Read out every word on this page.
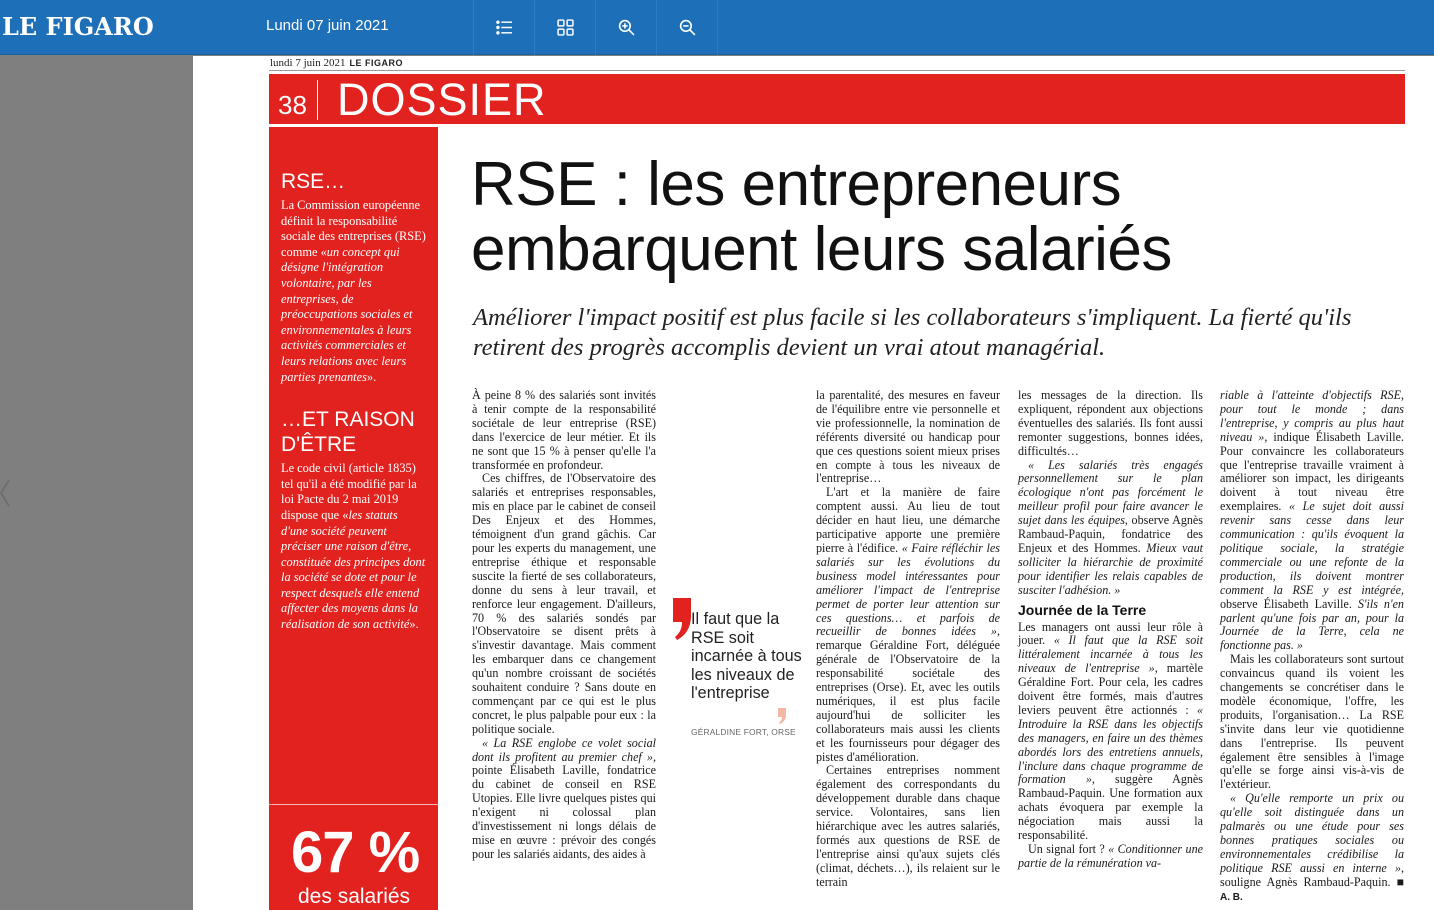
LE FIGARO	Lundi 07 juin 2021
lundi 7 juin 2021 LE FIGARO
38 DOSSIER
RSE…
La Commission européenne définit la responsabilité sociale des entreprises (RSE) comme «un concept qui désigne l'intégration volontaire, par les entreprises, de préoccupations sociales et environnementales à leurs activités commerciales et leurs relations avec leurs parties prenantes».
…ET RAISON D'ÊTRE
Le code civil (article 1835) tel qu'il a été modifié par la loi Pacte du 2 mai 2019 dispose que «les statuts d'une société peuvent préciser une raison d'être, constituée des principes dont la société se dote et pour le respect desquels elle entend affecter des moyens dans la réalisation de son activité».
67 %
des salariés
RSE : les entrepreneurs
embarquent leurs salariés
Améliorer l'impact positif est plus facile si les collaborateurs s'impliquent. La fierté qu'ils retirent des progrès accomplis devient un vrai atout managérial.

À peine 8 % des salariés sont invités à tenir compte de la responsabilité sociétale de leur entreprise (RSE) dans l'exercice de leur métier. Et ils ne sont que 15 % à penser qu'elle l'a transformée en profondeur.

Ces chiffres, de l'Observatoire des salariés et entreprises responsables, mis en place par le cabinet de conseil Des Enjeux et des Hommes, témoignent d'un grand gâchis. Car pour les experts du management, une entreprise éthique et responsable suscite la fierté de ses collaborateurs, donne du sens à leur travail, et renforce leur engagement. D'ailleurs, 70 % des salariés sondés par l'Observatoire se disent prêts à s'investir davantage. Mais comment les embarquer dans ce changement qu'un nombre croissant de sociétés souhaitent conduire ? Sans doute en commençant par ce qui est le plus concret, le plus palpable pour eux : la politique sociale.

« La RSE englobe ce volet social dont ils profitent au premier chef », pointe Élisabeth Laville, fondatrice du cabinet de conseil en RSE Utopies. Elle livre quelques pistes qui n'exigent ni colossal plan d'investissement ni longs délais de mise en œuvre : prévoir des congés pour les salariés aidants, des aides à

Il faut que la RSE soit incarnée à tous les niveaux de l'entreprise
GÉRALDINE FORT, ORSE

la parentalité, des mesures en faveur de l'équilibre entre vie personnelle et vie professionnelle, la nomination de référents diversité ou handicap pour que ces questions soient mieux prises en compte à tous les niveaux de l'entreprise…

L'art et la manière de faire comptent aussi. Au lieu de tout décider en haut lieu, une démarche participative apporte une première pierre à l'édifice. « Faire réfléchir les salariés sur les évolutions du business model intéressantes pour améliorer l'impact de l'entreprise permet de porter leur attention sur ces questions… et parfois de recueillir de bonnes idées », remarque Géraldine Fort, déléguée générale de l'Observatoire de la responsabilité sociétale des entreprises (Orse). Et, avec les outils numériques, il est plus facile aujourd'hui de solliciter les collaborateurs mais aussi les clients et les fournisseurs pour dégager des pistes d'amélioration.

Certaines entreprises nomment également des correspondants du développement durable dans chaque service. Volontaires, sans lien hiérarchique avec les autres salariés, formés aux questions de RSE de l'entreprise ainsi qu'aux sujets clés (climat, déchets…), ils relaient sur le terrain

les messages de la direction. Ils expliquent, répondent aux objections éventuelles des salariés. Ils font aussi remonter suggestions, bonnes idées, difficultés…

« Les salariés très engagés personnellement sur le plan écologique n'ont pas forcément le meilleur profil pour faire avancer le sujet dans les équipes, observe Agnès Rambaud-Paquin, fondatrice des Enjeux et des Hommes. Mieux vaut solliciter la hiérarchie de proximité pour identifier les relais capables de susciter l'adhésion. »

Journée de la Terre

Les managers ont aussi leur rôle à jouer. « Il faut que la RSE soit littéralement incarnée à tous les niveaux de l'entreprise », martèle Géraldine Fort. Pour cela, les cadres doivent être formés, mais d'autres leviers peuvent être actionnés : « Introduire la RSE dans les objectifs des managers, en faire un des thèmes abordés lors des entretiens annuels, l'inclure dans chaque programme de formation », suggère Agnès Rambaud-Paquin. Une formation aux achats évoquera par exemple la négociation mais aussi la responsabilité.

Un signal fort ? « Conditionner une partie de la rémunération va-

riable à l'atteinte d'objectifs RSE, pour tout le monde ; dans l'entreprise, y compris au plus haut niveau », indique Élisabeth Laville. Pour convaincre les collaborateurs que l'entreprise travaille vraiment à améliorer son impact, les dirigeants doivent à tout niveau être exemplaires. « Le sujet doit aussi revenir sans cesse dans leur communication : qu'ils évoquent la politique sociale, la stratégie commerciale ou une refonte de la production, ils doivent montrer comment la RSE y est intégrée, observe Élisabeth Laville. S'ils n'en parlent qu'une fois par an, pour la Journée de la Terre, cela ne fonctionne pas. »

Mais les collaborateurs sont surtout convaincus quand ils voient les changements se concrétiser dans le modèle économique, l'offre, les produits, l'organisation… La RSE s'invite dans leur vie quotidienne dans l'entreprise. Ils peuvent également être sensibles à l'image qu'elle se forge ainsi vis-à-vis de l'extérieur.

« Qu'elle remporte un prix ou qu'elle soit distinguée dans un palmarès ou une étude pour ses bonnes pratiques sociales ou environnementales crédibilise la politique RSE aussi en interne », souligne Agnès Rambaud-Paquin. ■ A. B.
